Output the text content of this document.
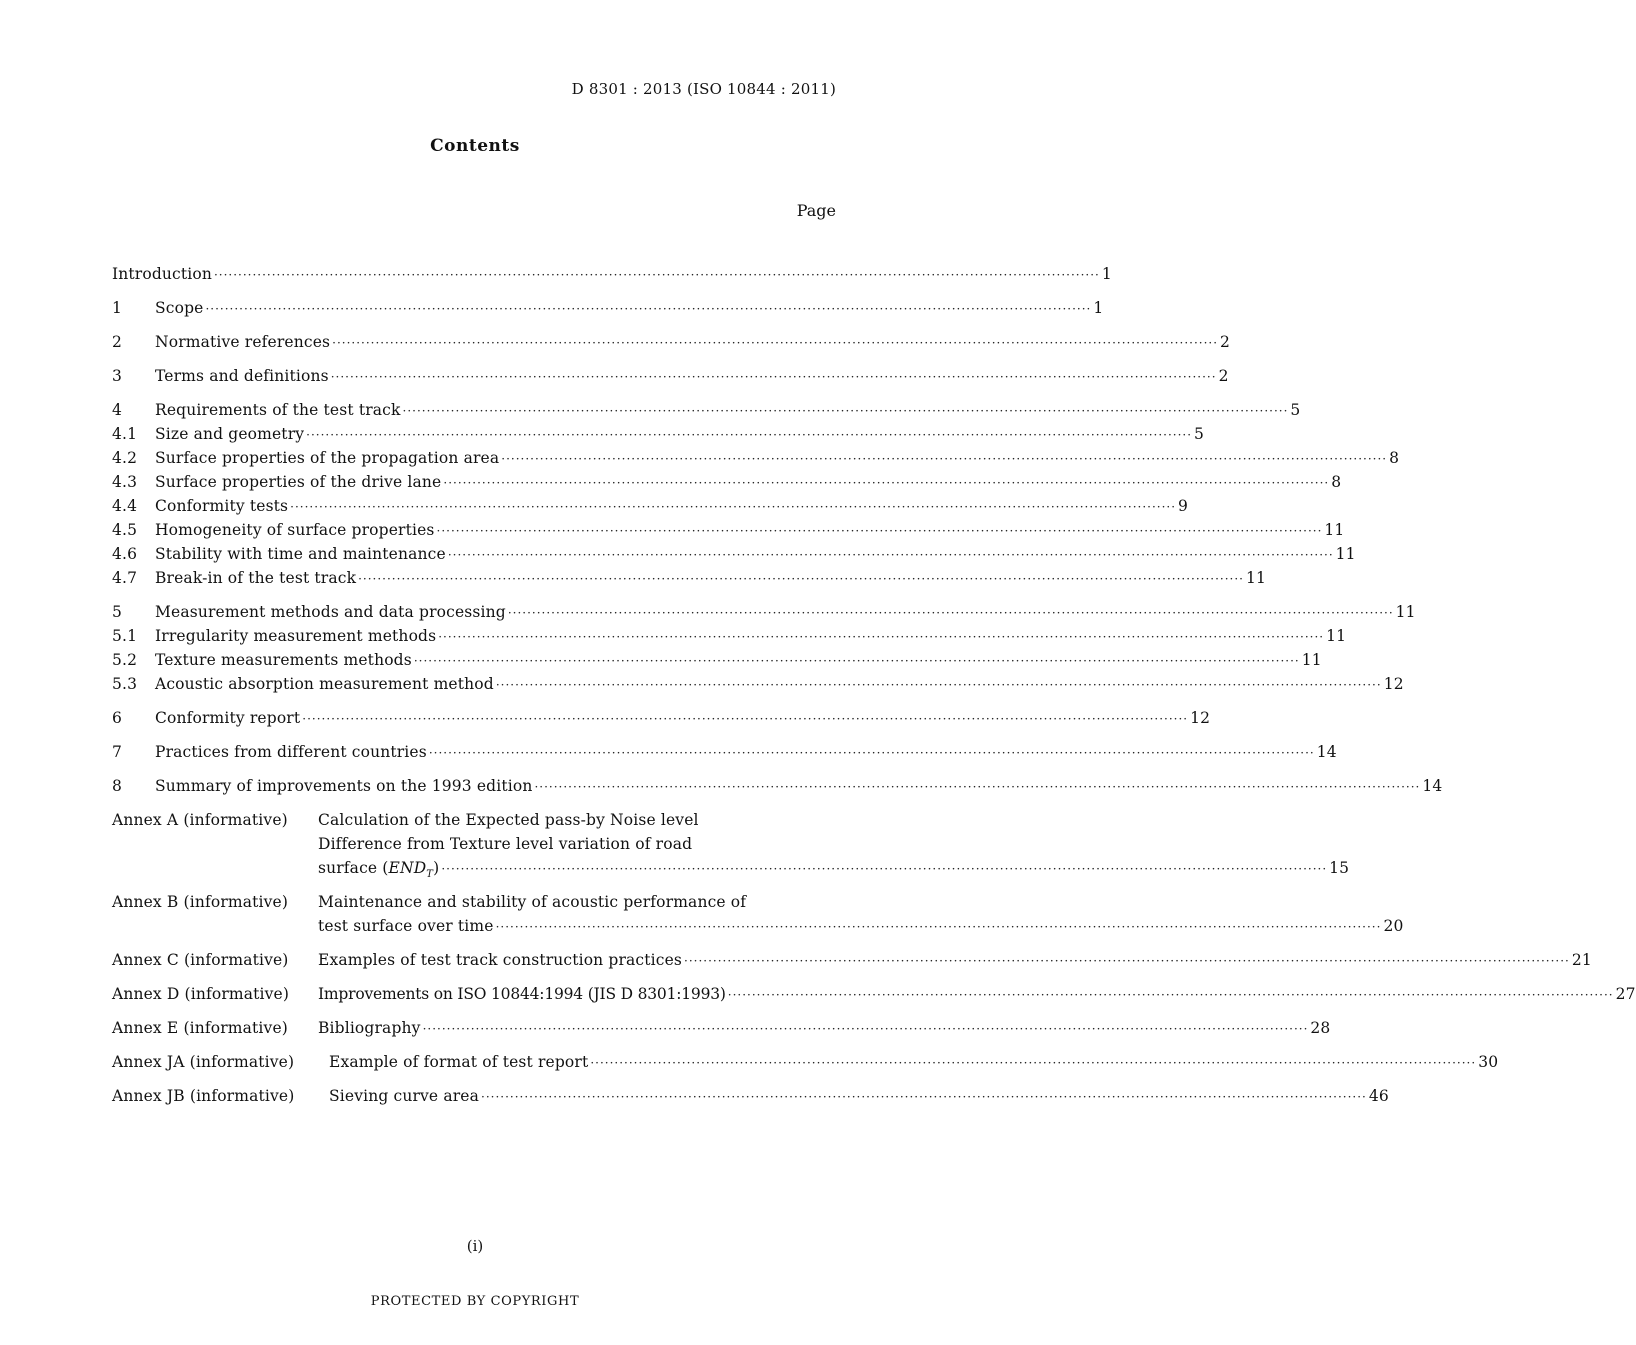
D 8301 : 2013 (ISO 10844 : 2011)
Contents
Page
Introduction ·····	1
1	Scope ·····	1
2	Normative references ·····	2
3	Terms and definitions ·····	2
4	Requirements of the test track ·····	5
4.1	Size and geometry ·····	5
4.2	Surface properties of the propagation area ·····	8
4.3	Surface properties of the drive lane ·····	8
4.4	Conformity tests ·····	9
4.5	Homogeneity of surface properties ·····	11
4.6	Stability with time and maintenance ·····	11
4.7	Break-in of the test track ·····	11
5	Measurement methods and data processing ·····	11
5.1	Irregularity measurement methods ·····	11
5.2	Texture measurements methods ·····	11
5.3	Acoustic absorption measurement method ·····	12
6	Conformity report ·····	12
7	Practices from different countries ·····	14
8	Summary of improvements on the 1993 edition ·····	14
Annex A (informative)	Calculation of the Expected pass-by Noise level
Difference from Texture level variation of road
surface $(END_T)$ ·····	15
Annex B (informative)	Maintenance and stability of acoustic performance of
test surface over time ·····	20
Annex C (informative)	Examples of test track construction practices ·····	21
Annex D (informative)	Improvements on ISO 10844:1994 (JIS D 8301:1993) ·····	27
Annex E (informative)	Bibliography ·····	28
Annex JA (informative)	Example of format of test report ·····	30
Annex JB (informative)	Sieving curve area ·····	46
(i)
PROTECTED BY COPYRIGHT
